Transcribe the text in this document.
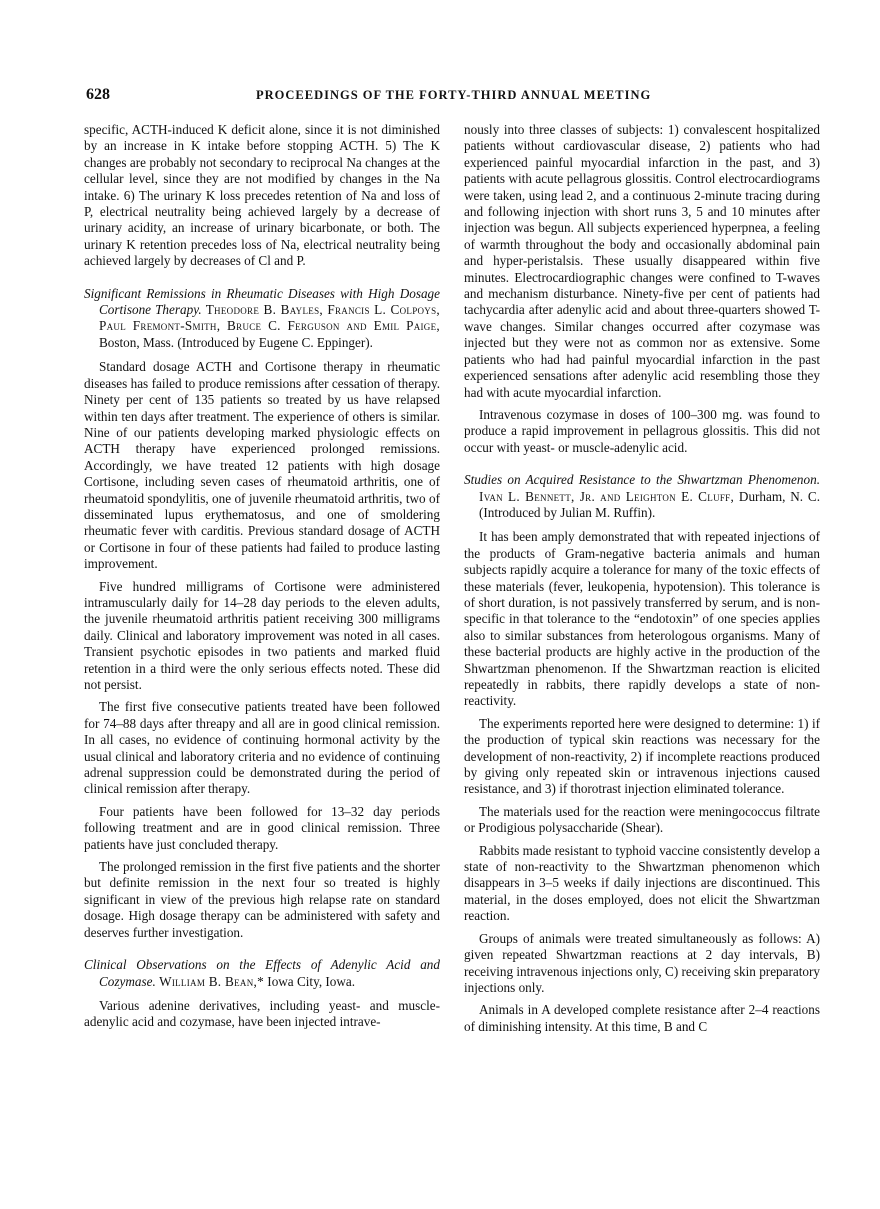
628	PROCEEDINGS OF THE FORTY-THIRD ANNUAL MEETING

specific, ACTH-induced K deficit alone, since it is not diminished by an increase in K intake before stopping ACTH. 5) The K changes are probably not secondary to reciprocal Na changes at the cellular level, since they are not modified by changes in the Na intake. 6) The urinary K loss precedes retention of Na and loss of P, electrical neutrality being achieved largely by a decrease of urinary acidity, an increase of urinary bicarbonate, or both. The urinary K retention precedes loss of Na, electrical neutrality being achieved largely by decreases of Cl and P.

Significant Remissions in Rheumatic Diseases with High Dosage Cortisone Therapy. Theodore B. Bayles, Francis L. Colpoys, Paul Fremont-Smith, Bruce C. Ferguson and Emil Paige, Boston, Mass. (Introduced by Eugene C. Eppinger).

Standard dosage ACTH and Cortisone therapy in rheumatic diseases has failed to produce remissions after cessation of therapy. Ninety per cent of 135 patients so treated by us have relapsed within ten days after treatment. The experience of others is similar. Nine of our patients developing marked physiologic effects on ACTH therapy have experienced prolonged remissions. Accordingly, we have treated 12 patients with high dosage Cortisone, including seven cases of rheumatoid arthritis, one of rheumatoid spondylitis, one of juvenile rheumatoid arthritis, two of disseminated lupus erythematosus, and one of smoldering rheumatic fever with carditis. Previous standard dosage of ACTH or Cortisone in four of these patients had failed to produce lasting improvement.

Five hundred milligrams of Cortisone were administered intramuscularly daily for 14–28 day periods to the eleven adults, the juvenile rheumatoid arthritis patient receiving 300 milligrams daily. Clinical and laboratory improvement was noted in all cases. Transient psychotic episodes in two patients and marked fluid retention in a third were the only serious effects noted. These did not persist.

The first five consecutive patients treated have been followed for 74–88 days after threapy and all are in good clinical remission. In all cases, no evidence of continuing hormonal activity by the usual clinical and laboratory criteria and no evidence of continuing adrenal suppression could be demonstrated during the period of clinical remission after therapy.

Four patients have been followed for 13–32 day periods following treatment and are in good clinical remission. Three patients have just concluded therapy.

The prolonged remission in the first five patients and the shorter but definite remission in the next four so treated is highly significant in view of the previous high relapse rate on standard dosage. High dosage therapy can be administered with safety and deserves further investigation.

Clinical Observations on the Effects of Adenylic Acid and Cozymase. William B. Bean,* Iowa City, Iowa.

Various adenine derivatives, including yeast- and muscle-adenylic acid and cozymase, have been injected intrave-

nously into three classes of subjects: 1) convalescent hospitalized patients without cardiovascular disease, 2) patients who had experienced painful myocardial infarction in the past, and 3) patients with acute pellagrous glossitis. Control electrocardiograms were taken, using lead 2, and a continuous 2-minute tracing during and following injection with short runs 3, 5 and 10 minutes after injection was begun. All subjects experienced hyperpnea, a feeling of warmth throughout the body and occasionally abdominal pain and hyper-peristalsis. These usually disappeared within five minutes. Electrocardiographic changes were confined to T-waves and mechanism disturbance. Ninety-five per cent of patients had tachycardia after adenylic acid and about three-quarters showed T-wave changes. Similar changes occurred after cozymase was injected but they were not as common nor as extensive. Some patients who had had painful myocardial infarction in the past experienced sensations after adenylic acid resembling those they had with acute myocardial infarction.

Intravenous cozymase in doses of 100–300 mg. was found to produce a rapid improvement in pellagrous glossitis. This did not occur with yeast- or muscle-adenylic acid.

Studies on Acquired Resistance to the Shwartzman Phenomenon. Ivan L. Bennett, Jr. and Leighton E. Cluff, Durham, N. C. (Introduced by Julian M. Ruffin).

It has been amply demonstrated that with repeated injections of the products of Gram-negative bacteria animals and human subjects rapidly acquire a tolerance for many of the toxic effects of these materials (fever, leukopenia, hypotension). This tolerance is of short duration, is not passively transferred by serum, and is non-specific in that tolerance to the “endotoxin” of one species applies also to similar substances from heterologous organisms. Many of these bacterial products are highly active in the production of the Shwartzman phenomenon. If the Shwartzman reaction is elicited repeatedly in rabbits, there rapidly develops a state of non-reactivity.

The experiments reported here were designed to determine: 1) if the production of typical skin reactions was necessary for the development of non-reactivity, 2) if incomplete reactions produced by giving only repeated skin or intravenous injections caused resistance, and 3) if thorotrast injection eliminated tolerance.

The materials used for the reaction were meningococcus filtrate or Prodigious polysaccharide (Shear).

Rabbits made resistant to typhoid vaccine consistently develop a state of non-reactivity to the Shwartzman phenomenon which disappears in 3–5 weeks if daily injections are discontinued. This material, in the doses employed, does not elicit the Shwartzman reaction.

Groups of animals were treated simultaneously as follows: A) given repeated Shwartzman reactions at 2 day intervals, B) receiving intravenous injections only, C) receiving skin preparatory injections only.

Animals in A developed complete resistance after 2–4 reactions of diminishing intensity. At this time, B and C
